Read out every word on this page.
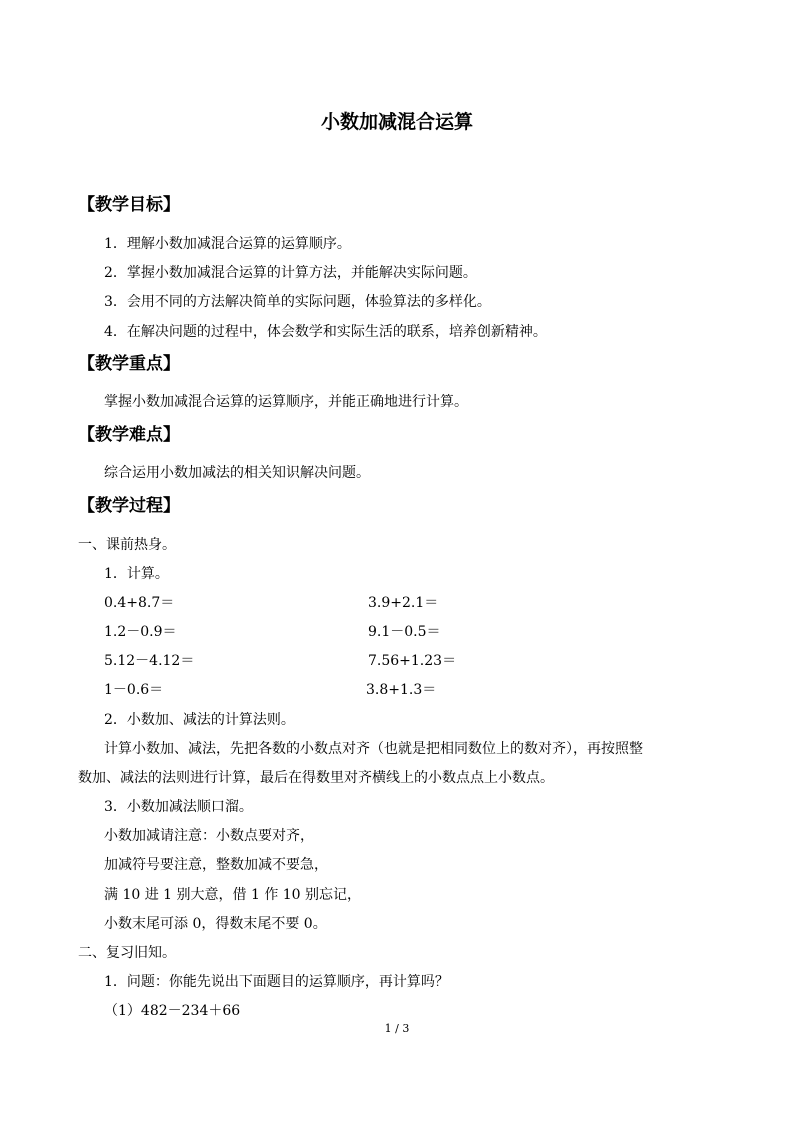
小数加减混合运算
【教学目标】
1．理解小数加减混合运算的运算顺序。
2．掌握小数加减混合运算的计算方法，并能解决实际问题。
3．会用不同的方法解决简单的实际问题，体验算法的多样化。
4．在解决问题的过程中，体会数学和实际生活的联系，培养创新精神。
【教学重点】
掌握小数加减混合运算的运算顺序，并能正确地进行计算。
【教学难点】
综合运用小数加减法的相关知识解决问题。
【教学过程】
一、课前热身。
1．计算。
0.4+8.7＝	3.9+2.1＝
1.2－0.9＝	9.1－0.5＝
5.12－4.12＝	7.56+1.23＝
1－0.6＝	3.8+1.3＝
2．小数加、减法的计算法则。
计算小数加、减法，先把各数的小数点对齐（也就是把相同数位上的数对齐），再按照整
数加、减法的法则进行计算，最后在得数里对齐横线上的小数点点上小数点。
3．小数加减法顺口溜。
小数加减请注意：小数点要对齐，
加减符号要注意，整数加减不要急，
满 10 进 1 别大意，借 1 作 10 别忘记，
小数末尾可添 0，得数末尾不要 0。
二、复习旧知。
1．问题：你能先说出下面题目的运算顺序，再计算吗？
（1）482－234＋66
1 / 3
